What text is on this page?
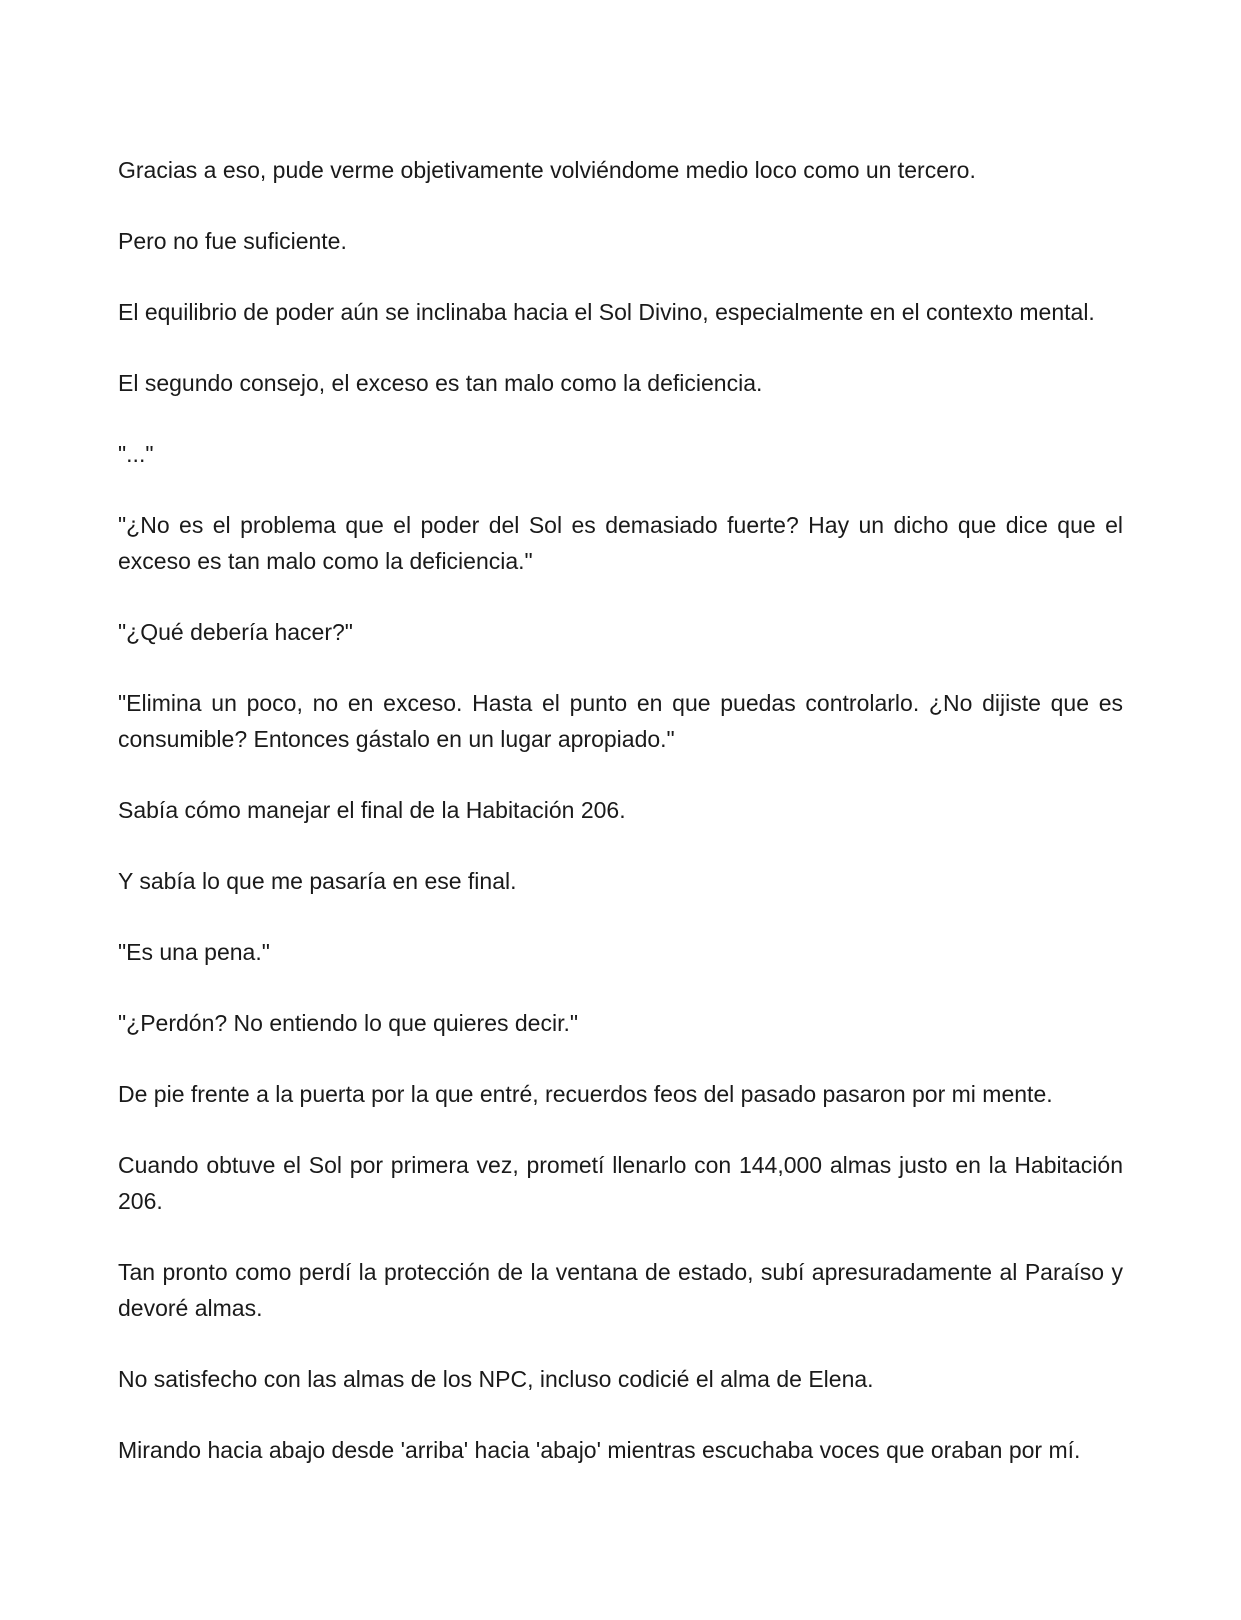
Gracias a eso, pude verme objetivamente volviéndome medio loco como un tercero.

Pero no fue suficiente.

El equilibrio de poder aún se inclinaba hacia el Sol Divino, especialmente en el contexto mental.

El segundo consejo, el exceso es tan malo como la deficiencia.

"..."

"¿No es el problema que el poder del Sol es demasiado fuerte? Hay un dicho que dice que el exceso es tan malo como la deficiencia."

"¿Qué debería hacer?"

"Elimina un poco, no en exceso. Hasta el punto en que puedas controlarlo. ¿No dijiste que es consumible? Entonces gástalo en un lugar apropiado."

Sabía cómo manejar el final de la Habitación 206.

Y sabía lo que me pasaría en ese final.

"Es una pena."

"¿Perdón? No entiendo lo que quieres decir."

De pie frente a la puerta por la que entré, recuerdos feos del pasado pasaron por mi mente.

Cuando obtuve el Sol por primera vez, prometí llenarlo con 144,000 almas justo en la Habitación 206.

Tan pronto como perdí la protección de la ventana de estado, subí apresuradamente al Paraíso y devoré almas.

No satisfecho con las almas de los NPC, incluso codicié el alma de Elena.

Mirando hacia abajo desde 'arriba' hacia 'abajo' mientras escuchaba voces que oraban por mí.
